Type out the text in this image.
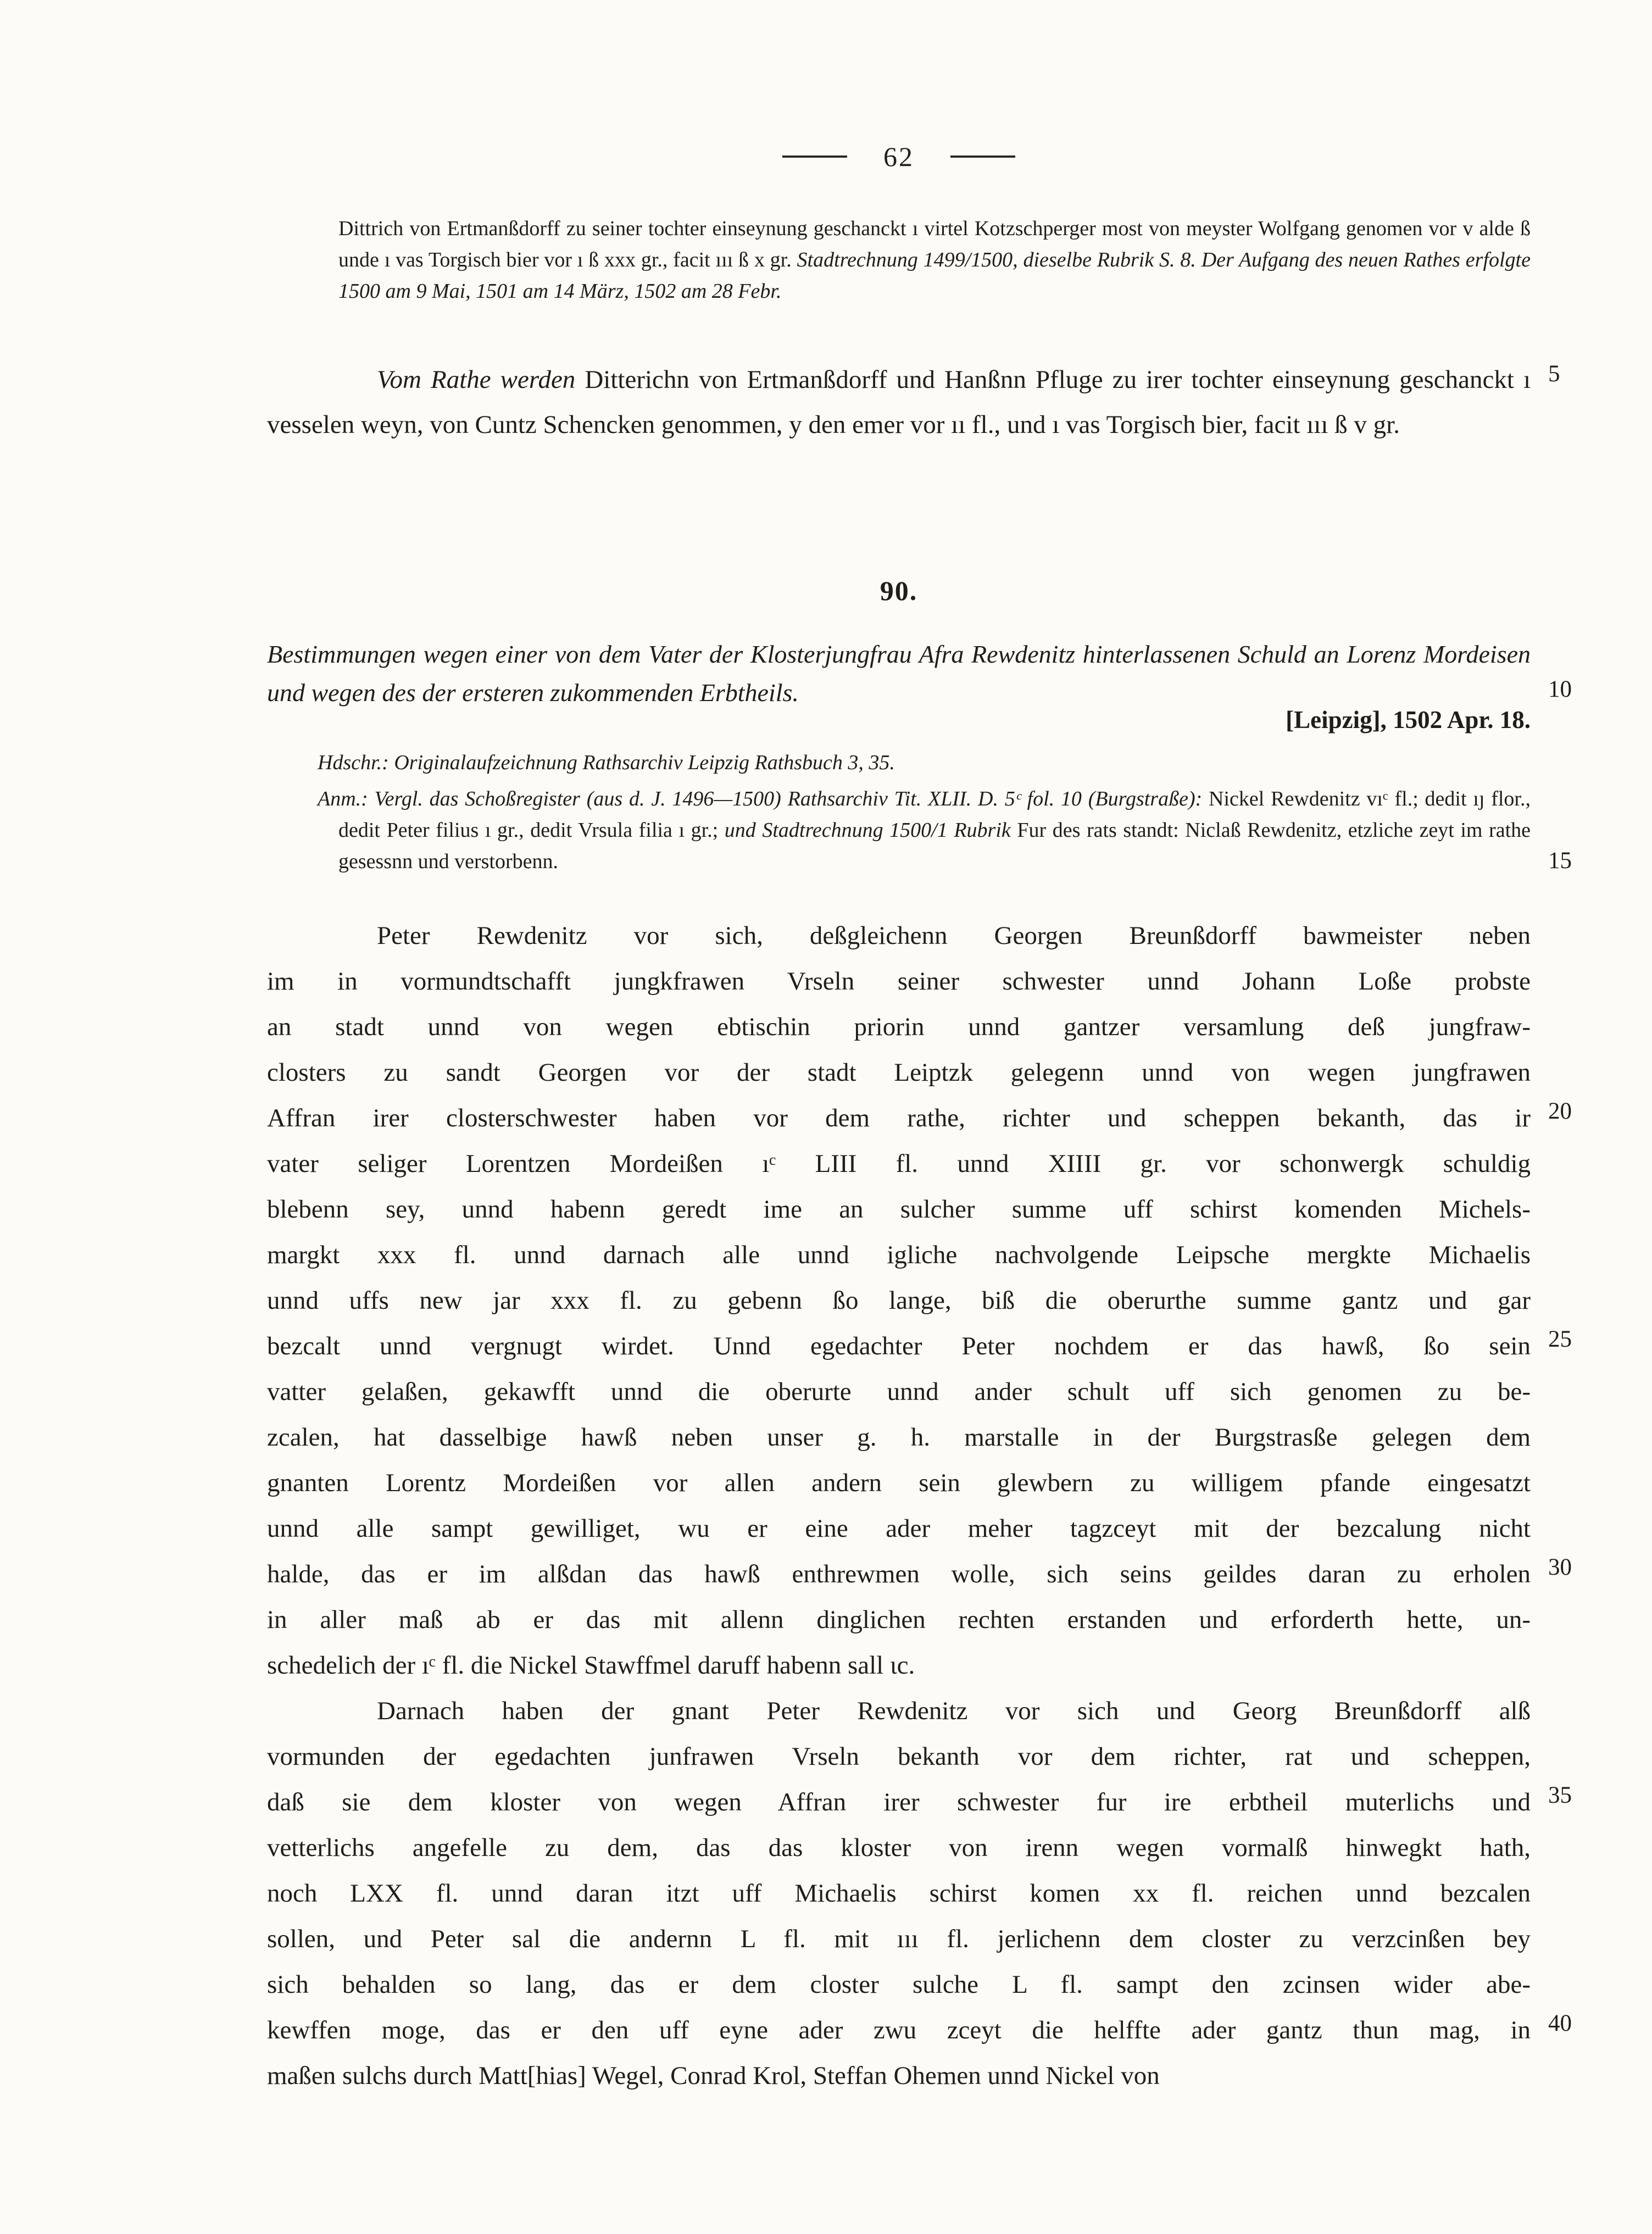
62
Dittrich von Ertmanßdorff zu seiner tochter einseynung geschanckt ı virtel Kotzschperger most von meyster Wolfgang genomen vor v alde ß unde ı vas Torgisch bier vor ı ß xxx gr., facit ııı ß x gr. Stadtrechnung 1499/1500, dieselbe Rubrik S. 8. Der Aufgang des neuen Rathes erfolgte 1500 am 9 Mai, 1501 am 14 März, 1502 am 28 Febr.

Vom Rathe werden Ditterichn von Ertmanßdorff und Hanßnn Pfluge zu irer tochter einseynung geschanckt ı vesselen weyn, von Cuntz Schencken genommen, y den emer vor ıı fl., und ı vas Torgisch bier, facit ııı ß v gr.

90.

Bestimmungen wegen einer von dem Vater der Klosterjungfrau Afra Rewdenitz hinterlassenen Schuld an Lorenz Mordeisen und wegen des der ersteren zukommenden Erbtheils.

[Leipzig], 1502 Apr. 18.

Hdschr.: Originalaufzeichnung Rathsarchiv Leipzig Rathsbuch 3, 35.

Anm.: Vergl. das Schoßregister (aus d. J. 1496—1500) Rathsarchiv Tit. XLII. D. 5ᶜ fol. 10 (Burgstraße): Nickel Rewdenitz vıᶜ fl.; dedit ıȷ flor., dedit Peter filius ı gr., dedit Vrsula filia ı gr.; und Stadtrechnung 1500/1 Rubrik Fur des rats standt: Niclaß Rewdenitz, etzliche zeyt im rathe gesessnn und verstorbenn.

Peter Rewdenitz vor sich, deßgleichenn Georgen Breunßdorff bawmeister neben
im in vormundtschafft jungkfrawen Vrseln seiner schwester unnd Johann Loße probste
an stadt unnd von wegen ebtischin priorin unnd gantzer versamlung deß jungfraw-
closters zu sandt Georgen vor der stadt Leiptzk gelegenn unnd von wegen jungfrawen
Affran irer closterschwester haben vor dem rathe, richter und scheppen bekanth, das ir
vater seliger Lorentzen Mordeißen ıᶜ LIII fl. unnd XIIII gr. vor schonwergk schuldig
blebenn sey, unnd habenn geredt ime an sulcher summe uff schirst komenden Michels-
margkt xxx fl. unnd darnach alle unnd igliche nachvolgende Leipsche mergkte Michaelis
unnd uffs new jar xxx fl. zu gebenn ßo lange, biß die oberurthe summe gantz und gar
bezcalt unnd vergnugt wirdet. Unnd egedachter Peter nochdem er das hawß, ßo sein
vatter gelaßen, gekawfft unnd die oberurte unnd ander schult uff sich genomen zu be-
zcalen, hat dasselbige hawß neben unser g. h. marstalle in der Burgstrasße gelegen dem
gnanten Lorentz Mordeißen vor allen andern sein glewbern zu willigem pfande eingesatzt
unnd alle sampt gewilliget, wu er eine ader meher tagzceyt mit der bezcalung nicht
halde, das er im alßdan das hawß enthrewmen wolle, sich seins geildes daran zu erholen
in aller maß ab er das mit allenn dinglichen rechten erstanden und erforderth hette, un-
schedelich der ıᶜ fl. die Nickel Stawffmel daruff habenn sall ɩc.
Darnach haben der gnant Peter Rewdenitz vor sich und Georg Breunßdorff alß
vormunden der egedachten junfrawen Vrseln bekanth vor dem richter, rat und scheppen,
daß sie dem kloster von wegen Affran irer schwester fur ire erbtheil muterlichs und
vetterlichs angefelle zu dem, das das kloster von irenn wegen vormalß hinwegkt hath,
noch LXX fl. unnd daran itzt uff Michaelis schirst komen xx fl. reichen unnd bezcalen
sollen, und Peter sal die andernn L fl. mit ııı fl. jerlichenn dem closter zu verzcinßen bey
sich behalden so lang, das er dem closter sulche L fl. sampt den zcinsen wider abe-
kewffen moge, das er den uff eyne ader zwu zceyt die helffte ader gantz thun mag, in
maßen sulchs durch Matt[hias] Wegel, Conrad Krol, Steffan Ohemen unnd Nickel von
5
10
15
20
25
30
35
40
